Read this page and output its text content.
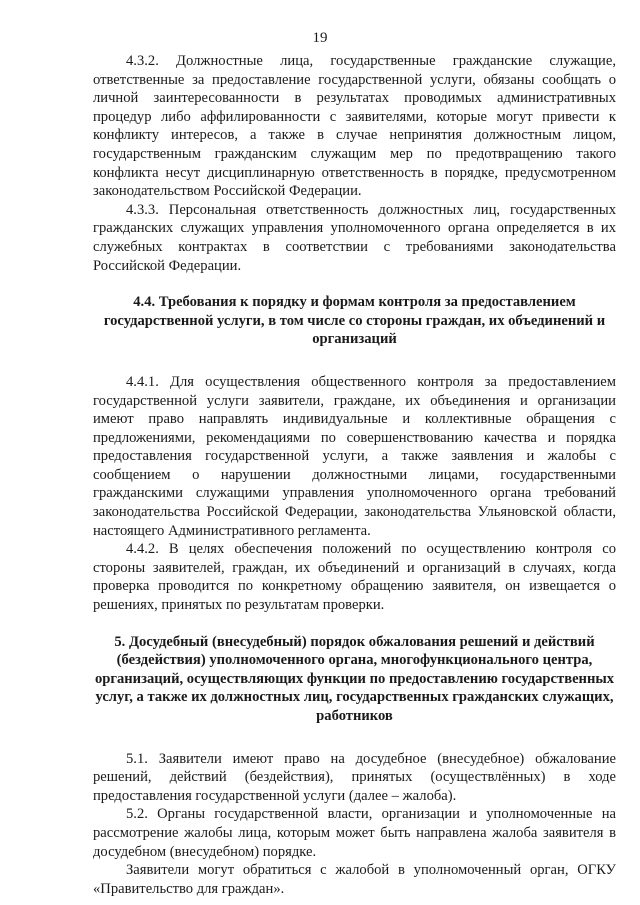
19

4.3.2. Должностные лица, государственные гражданские служащие, ответственные за предоставление государственной услуги, обязаны сообщать о личной заинтересованности в результатах проводимых административных процедур либо аффилированности с заявителями, которые могут привести к конфликту интересов, а также в случае непринятия должностным лицом, государственным гражданским служащим мер по предотвращению такого конфликта несут дисциплинарную ответственность в порядке, предусмотренном законодательством Российской Федерации.

4.3.3. Персональная ответственность должностных лиц, государственных гражданских служащих управления уполномоченного органа определяется в их служебных контрактах в соответствии с требованиями законодательства Российской Федерации.

4.4. Требования к порядку и формам контроля за предоставлением государственной услуги, в том числе со стороны граждан, их объединений и организаций

4.4.1. Для осуществления общественного контроля за предоставлением государственной услуги заявители, граждане, их объединения и организации имеют право направлять индивидуальные и коллективные обращения с предложениями, рекомендациями по совершенствованию качества и порядка предоставления государственной услуги, а также заявления и жалобы с сообщением о нарушении должностными лицами, государственными гражданскими служащими управления уполномоченного органа требований законодательства Российской Федерации, законодательства Ульяновской области, настоящего Административного регламента.

4.4.2. В целях обеспечения положений по осуществлению контроля со стороны заявителей, граждан, их объединений и организаций в случаях, когда проверка проводится по конкретному обращению заявителя, он извещается о решениях, принятых по результатам проверки.

5. Досудебный (внесудебный) порядок обжалования решений и действий (бездействия) уполномоченного органа, многофункционального центра, организаций, осуществляющих функции по предоставлению государственных услуг, а также их должностных лиц, государственных гражданских служащих, работников

5.1. Заявители имеют право на досудебное (внесудебное) обжалование решений, действий (бездействия), принятых (осуществлённых) в ходе предоставления государственной услуги (далее – жалоба).

5.2. Органы государственной власти, организации и уполномоченные на рассмотрение жалобы лица, которым может быть направлена жалоба заявителя в досудебном (внесудебном) порядке.

Заявители могут обратиться с жалобой в уполномоченный орган, ОГКУ «Правительство для граждан».
